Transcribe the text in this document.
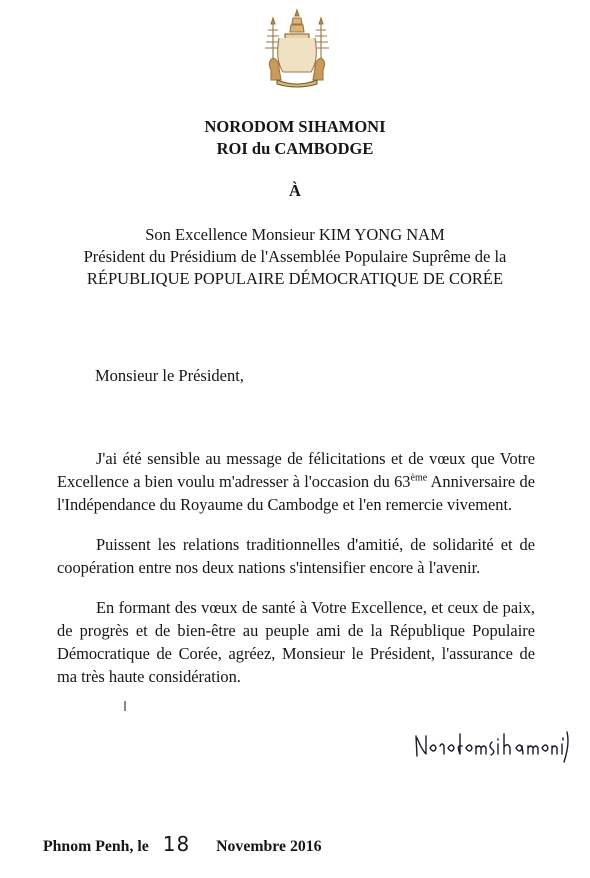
NORODOM SIHAMONI
ROI du CAMBODGE
À
Son Excellence Monsieur KIM YONG NAM
Président du Présidium de l'Assemblée Populaire Suprême de la
RÉPUBLIQUE POPULAIRE DÉMOCRATIQUE DE CORÉE
Monsieur le Président,

J'ai été sensible au message de félicitations et de vœux que Votre Excellence a bien voulu m'adresser à l'occasion du 63ème Anniversaire de l'Indépendance du Royaume du Cambodge et l'en remercie vivement.

Puissent les relations traditionnelles d'amitié, de solidarité et de coopération entre nos deux nations s'intensifier encore à l'avenir.

En formant des vœux de santé à Votre Excellence, et ceux de paix, de progrès et de bien-être au peuple ami de la République Populaire Démocratique de Corée, agréez, Monsieur le Président, l'assurance de ma très haute considération.

Phnom Penh, le 18 Novembre 2016
